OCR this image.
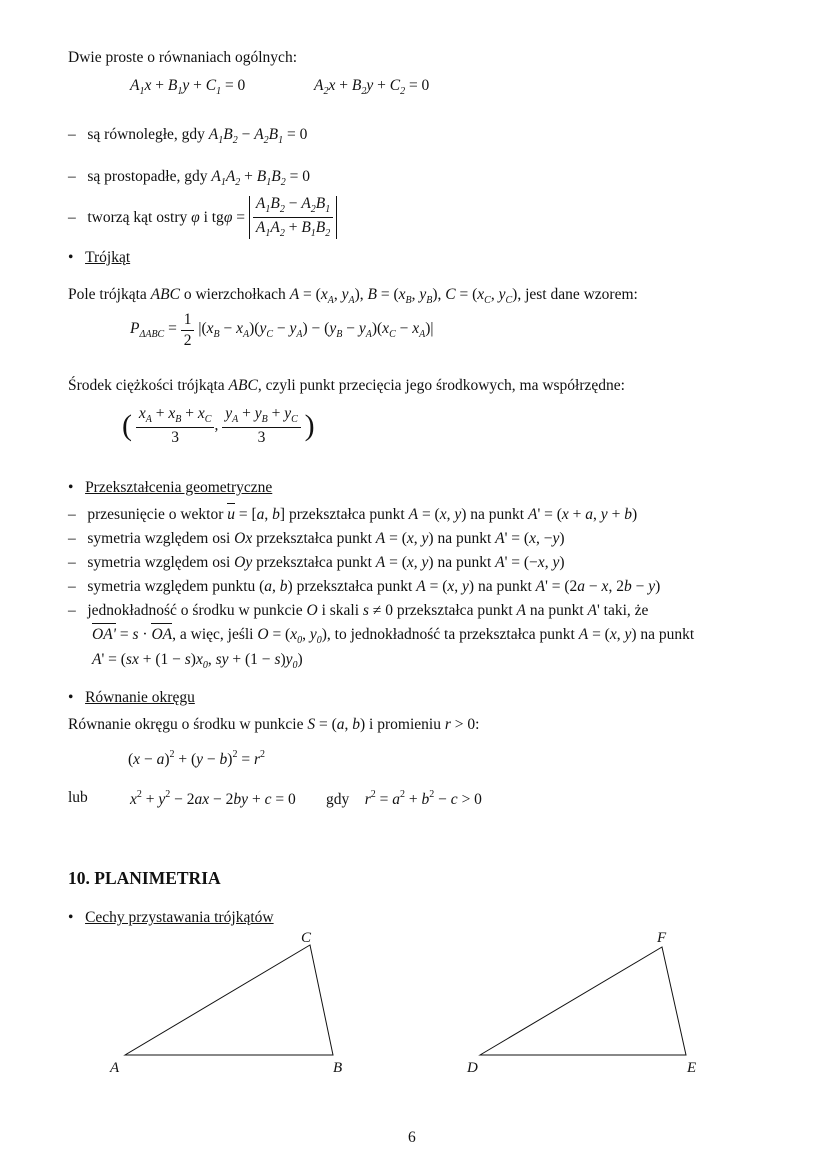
Dwie proste o równaniach ogólnych:
$A_1x + B_1y + C_1 = 0$	$A_2x + B_2y + C_2 = 0$
–   są równoległe, gdy $A_1B_2 - A_2B_1 = 0$
–   są prostopadłe, gdy $A_1A_2 + B_1B_2 = 0$
–   tworzą kąt ostry φ i $tg\varphi = \frac{A_1B_2 - A_2B_1}{A_1A_2 + B_1B_2}$
•   Trójkąt
Pole trójkąta ABC o wierzchołkach $A = (x_A$, $y_A$), $B = (x_B$, $y_B$), $C = (x_C$, $y_C$), jest dane wzorem:
$P_{\Delta ABC} = \frac{1}{2} |(x_B - x_A)(y_C - y_A) - (y_B - y_A)(x_C - x_A)|$
Środek ciężkości trójkąta ABC, czyli punkt przecięcia jego środkowych, ma współrzędne:
( $\frac{x_A + x_B + x_C}{3}$ , $\frac{y_A + y_B + y_C}{3}$ )
•   Przekształcenia geometryczne
–   przesunięcie o wektor u = [a, b] przekształca punkt A = (x, y) na punkt A' = (x + a, y + b)
–   symetria względem osi Ox przekształca punkt A = (x, y) na punkt A' = (x, −y)
–   symetria względem osi Oy przekształca punkt A = (x, y) na punkt A' = (−x, y)
–   symetria względem punktu (a, b) przekształca punkt A = (x, y) na punkt A' = (2a − x, 2b − y)
–   jednokładność o środku w punkcie O i skali s ≠ 0 przekształca punkt A na punkt A' taki, że
OA' = s · OA, a więc, jeśli $O = (x_0$, $y_0$), to jednokładność ta przekształca punkt A = (x, y) na punkt
$A' = (sx + (1 - s)x_0$, sy + $(1 - s)y_0$)
•   Równanie okręgu
Równanie okręgu o środku w punkcie S = (a, b) i promieniu r > 0:
$(x - a)^2 + (y - b)^2 = r^2$
lub	$x^2 + y^2 - 2ax - 2by + c = 0$ gdy $r^2 = a^2 + b^2 - c > 0$
10. PLANIMETRIA
•   Cechy przystawania trójkątów
A	B
C
D	E
F
6
